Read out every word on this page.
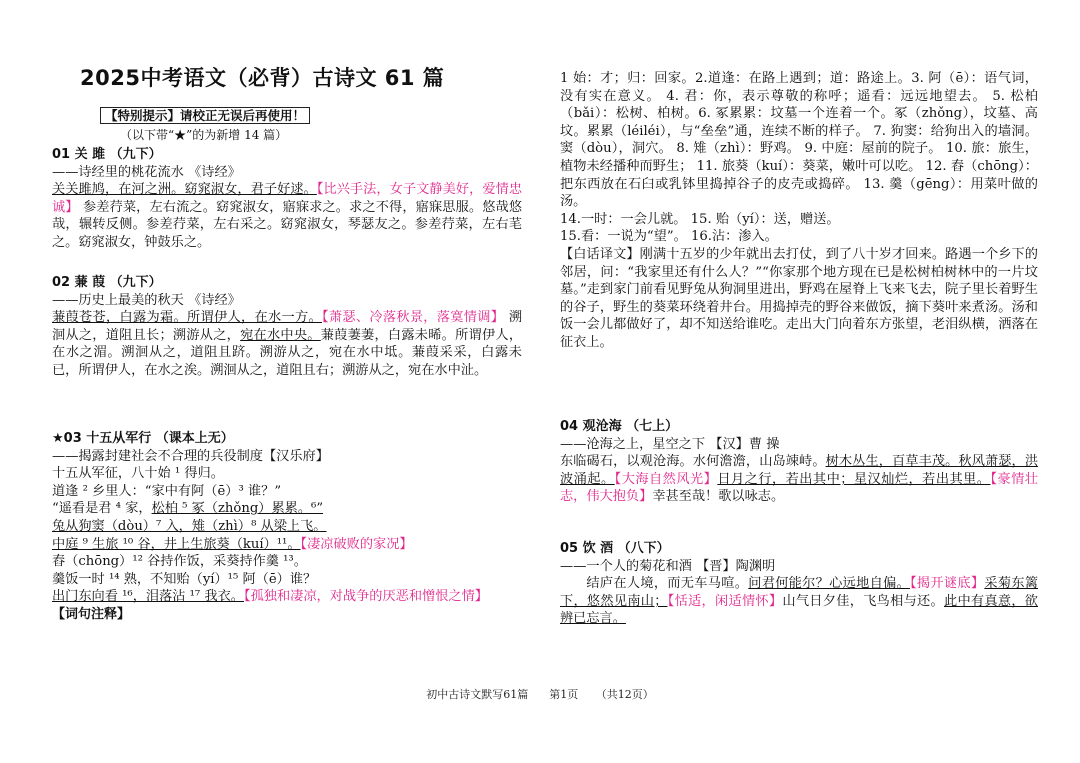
2025中考语文（必背）古诗文 61 篇
【特别提示】请校正无误后再使用！
（以下带“★”的为新增 14 篇）
01 关 雎 （九下）
——诗经里的桃花流水 《诗经》

关关雎鸠，在河之洲。窈窕淑女，君子好逑。【比兴手法，女子文静美好，爱情忠诚】 参差荇菜，左右流之。窈窕淑女，寤寐求之。求之不得，寤寐思服。悠哉悠哉，辗转反侧。参差荇菜，左右采之。窈窕淑女，琴瑟友之。参差荇菜，左右芼之。窈窕淑女，钟鼓乐之。

02 蒹 葭 （九下）
——历史上最美的秋天 《诗经》

蒹葭苍苍，白露为霜。所谓伊人，在水一方。【萧瑟、冷落秋景，落寞情调】 溯洄从之，道阻且长；溯游从之，宛在水中央。蒹葭萋萋，白露未晞。所谓伊人，在水之湄。溯洄从之，道阻且跻。溯游从之，宛在水中坻。蒹葭采采，白露未已，所谓伊人，在水之涘。溯洄从之，道阻且右；溯游从之，宛在水中沚。

★03 十五从军行 （课本上无）
——揭露封建社会不合理的兵役制度【汉乐府】
十五从军征，八十始 ¹ 得归。
道逢 ² 乡里人：“家中有阿（ē）³ 谁？”
“遥看是君 ⁴ 家，松柏 ⁵ 冢（zhǒng）累累。⁶”
兔从狗窦（dòu）⁷ 入，雉（zhì）⁸ 从梁上飞。
中庭 ⁹ 生旅 ¹⁰ 谷，井上生旅葵（kuí）¹¹。【凄凉破败的家况】
舂（chōng）¹² 谷持作饭，采葵持作羹 ¹³。
羹饭一时 ¹⁴ 熟，不知贻（yí）¹⁵ 阿（ē）谁？

出门东向看 ¹⁶，泪落沾 ¹⁷ 我衣。【孤独和凄凉，对战争的厌恶和憎恨之情】

【词句注释】

1 始：才；归：回家。2.道逢：在路上遇到；道：路途上。3. 阿（ē）：语气词，没有实在意义。 4. 君：你，表示尊敬的称呼；遥看：远远地望去。 5. 松柏（bǎi）：松树、柏树。6. 冢累累：坟墓一个连着一个。冢（zhǒng），坟墓、高坟。累累（léiléi），与“垒垒”通，连续不断的样子。 7. 狗窦：给狗出入的墙洞。窦（dòu），洞穴。 8. 雉（zhì）：野鸡。 9. 中庭：屋前的院子。 10. 旅：旅生，植物未经播种而野生； 11. 旅葵（kuí）：葵菜，嫩叶可以吃。 12. 舂（chōng）：把东西放在石臼或乳钵里捣掉谷子的皮壳或捣碎。 13. 羹（gēng）：用菜叶做的汤。

14.一时：一会儿就。 15. 贻（yí）：送，赠送。
15.看：一说为“望”。 16.沾：渗入。

【白话译文】刚满十五岁的少年就出去打仗，到了八十岁才回来。路遇一个乡下的邻居，问：“我家里还有什么人？”“你家那个地方现在已是松树柏树林中的一片坟墓。”走到家门前看见野兔从狗洞里进出，野鸡在屋脊上飞来飞去，院子里长着野生的谷子，野生的葵菜环绕着井台。用捣掉壳的野谷来做饭，摘下葵叶来煮汤。汤和饭一会儿都做好了，却不知送给谁吃。走出大门向着东方张望，老泪纵横，洒落在征衣上。

04 观沧海 （七上）
——沧海之上，星空之下 【汉】曹 操

东临碣石，以观沧海。水何澹澹，山岛竦峙。树木丛生，百草丰茂。秋风萧瑟，洪波涌起。【大海自然风光】日月之行，若出其中；星汉灿烂，若出其里。【豪情壮志，伟大抱负】幸甚至哉！歌以咏志。

05 饮 酒 （八下）
——一个人的菊花和酒 【晋】陶渊明

结庐在人境，而无车马喧。问君何能尔？心远地自偏。【揭开谜底】采菊东篱下，悠然见南山；【恬适，闲适情怀】山气日夕佳，飞鸟相与还。此中有真意，欲辨已忘言。

初中古诗文默写61篇      第1页     （共12页）
